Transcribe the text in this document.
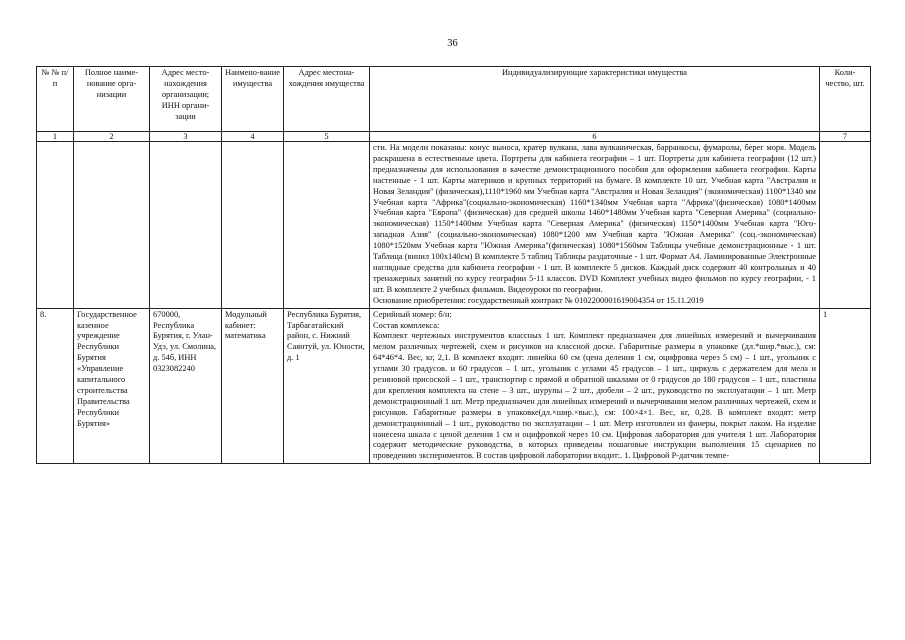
36
№ № п/п	Полное наиме-нование орга-низации	Адрес место-нахождения организации; ИНН органи-зации	Наимено-вание имущества	Адрес местона-хождения имущества	Индивидуализирующие характеристики имущества	Коли-чество, шт.
1	2	3	4	5	6	7

					сти. На модели показаны: конус выноса, кратер вулкана, лава вулканическая, барранкосы, фумаролы, берег моря. Модель раскрашена в естественные цвета. Портреты для кабинета географии – 1 шт. Портреты для кабинета географии (12 шт.) предназначены для использования в качестве демонстрационного пособия для оформления кабинета географии. Карты настенные - 1 шт. Карты материков и крупных территорий на бумаге. В комплекте 10 шт. Учебная карта "Австралия и Новая Зеландия" (физическая),1110*1960 мм Учебная карта "Австралия и Новая Зеландия" (экономическая) 1100*1340 мм Учебная карта "Африка"(социально-экономическая) 1160*1340мм Учебная карта "Африка"(физическая) 1080*1400мм Учебная карта "Европа" (физическая) для средней школы 1460*1480мм Учебная карта "Северная Америка" (социально-экономическая) 1150*1400мм Учебная карта "Северная Америка" (физическая) 1150*1400мм Учебная карта "Юго-западная Азия" (социально-экономическая) 1080*1200 мм Учебная карта "Южная Америка" (соц.-экономическая) 1080*1520мм Учебная карта "Южная Америка"(физическая) 1080*1560мм Таблицы учебные демонстрационные - 1 шт. Таблица (винил 100х140см) В комплекте 5 таблиц Таблицы раздаточные - 1 шт. Формат А4. Ламинированные Электронные наглядные средства для кабинета географии - 1 шт. В комплекте 5 дисков. Каждый диск содержит 40 контрольных и 40 тренажерных занятий по курсу географии 5-11 классов. DVD Комплект учебных видео фильмов по курсу географии, - 1 шт. В комплекте 2 учебных фильмов. Видеоуроки по географии.
Основание приобретения: государственный контракт № 0102200001619004354 от 15.11.2019	

8.	Государственное казенное учреждение Республики Бурятия «Управление капитального строительства Правительства Республики Бурятия»	670000, Республика Бурятия, г. Улан-Удэ, ул. Смолина, д. 54б, ИНН 0323082240	Модульный кабинет: математика	Республика Бурятия, Тарбагатайский район, с. Нижний Саянтуй, ул. Юности, д. 1	Серийный номер: б/н:
Состав комплекса:
Комплект чертежных инструментов классных 1 шт. Комплект предназначен для линейных измерений и вычерчивания мелом различных чертежей, схем и рисунков на классной доске. Габаритные размеры в упаковке (дл.*шир.*выс.), см: 64*46*4. Вес, кг, 2,1. В комплект входят: линейка 60 см (цена деления 1 см, оцифровка через 5 см) – 1 шт., угольник с углами 30 градусов. и 60 градусов – 1 шт., угольник с углами 45 градусов – 1 шт., циркуль с держателем для мела и резиновой присоской – 1 шт., транспортир с прямой и обратной шкалами от 0 градусов до 180 градусов – 1 шт., пластины для крепления комплекта на стене – 3 шт., шурупы – 2 шт., дюбели – 2 шт., руководство по эксплуатации – 1 шт. Метр демонстрационный 1 шт. Метр предназначен для линейных измерений и вычерчивания мелом различных чертежей, схем и рисунков. Габаритные размеры в упаковке(дл.×шир.×выс.), см: 100×4×1. Вес, кг, 0,28. В комплект входят: метр демонстрационный – 1 шт., руководство по эксплуатации – 1 шт. Метр изготовлен из фанеры, покрыт лаком. На изделие нанесена шкала с ценой деления 1 см и оцифровкой через 10 см. Цифровая лаборатория для учителя 1 шт. Лаборатория содержит методические руководства, в которых приведены пошаговые инструкции выполнения 15 сценариев по проведению экспериментов. В состав цифровой лаборатории входит:. 1. Цифровой Р-датчик темпе-	1
